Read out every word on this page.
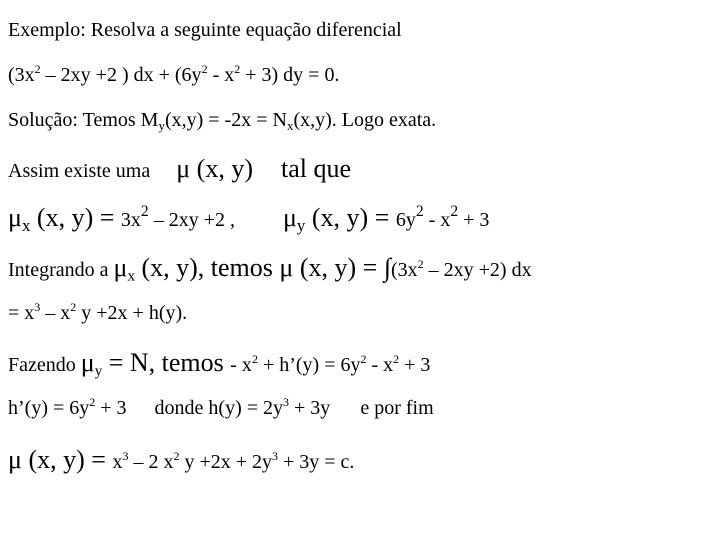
Exemplo: Resolva a seguinte equação diferencial
($3x^2 - 2xy +2$ ) dx + $(6y^2 - x^2 + 3)$ dy = 0.
Solução: Temos $M_y(x,y) = -2x = N_x(x,y)$. Logo exata.
Assim existe uma μ (x, y) tal que
$\mu_x$ (x, $y) = 3x^2 - 2xy +2$ , $\mu_y$ (x, $y) = 6y^2 - x^2 + 3$
Integrando a $\mu_x$ (x, y), temos μ (x, $y) = \int(3x^2 - 2xy +2)$ dx
= $x^3 - x^2$ y +2x + h(y).
Fazendo $\mu_y = N$, temos - $x^2$ + h’(y) = $6y^2 - x^2 + 3$
h’(y) = $6y^2 + 3$ donde $h(y) = 2y^3 + 3y$ e por fim
μ (x, $y) = x^3 - 2$ $x^2$ $y +2x + 2y^3 + 3y = c$.
